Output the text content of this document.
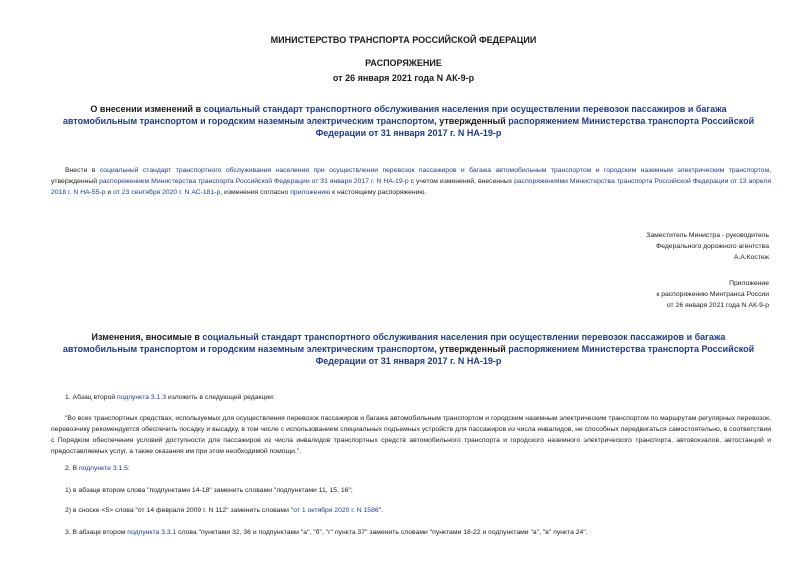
МИНИСТЕРСТВО ТРАНСПОРТА РОССИЙСКОЙ ФЕДЕРАЦИИ
РАСПОРЯЖЕНИЕ
от 26 января 2021 года N АК-9-р
О внесении изменений в социальный стандарт транспортного обслуживания населения при осуществлении перевозок пассажиров и багажа автомобильным транспортом и городским наземным электрическим транспортом, утвержденный распоряжением Министерства транспорта Российской Федерации от 31 января 2017 г. N НА-19-р
Внести в социальный стандарт транспортного обслуживания населения при осуществлении перевозок пассажиров и багажа автомобильным транспортом и городским наземным электрическим транспортом, утвержденный распоряжением Министерства транспорта Российской Федерации от 31 января 2017 г. N НА-19-р с учетом изменений, внесенных распоряжениями Министерства транспорта Российской Федерации от 13 апреля 2018 г. N НА-55-р и от 23 сентября 2020 г. N АС-181-р, изменения согласно приложению к настоящему распоряжению.
Заместитель Министра - руководитель
Федерального дорожного агентства
А.А.Костюк
Приложение
к распоряжению Минтранса России
от 26 января 2021 года N АК-9-р
Изменения, вносимые в социальный стандарт транспортного обслуживания населения при осуществлении перевозок пассажиров и багажа автомобильным транспортом и городским наземным электрическим транспортом, утвержденный распоряжением Министерства транспорта Российской Федерации от 31 января 2017 г. N НА-19-р
1. Абзац второй подпункта 3.1.3 изложить в следующей редакции:
"Во всех транспортных средствах, используемых для осуществления перевозок пассажиров и багажа автомобильным транспортом и городским наземным электрическим транспортом по маршрутам регулярных перевозок, перевозчику рекомендуется обеспечить посадку и высадку, в том числе с использованием специальных подъемных устройств для пассажиров из числа инвалидов, не способных передвигаться самостоятельно, в соответствии с Порядком обеспечения условий доступности для пассажиров из числа инвалидов транспортных средств автомобильного транспорта и городского наземного электрического транспорта, автовокзалов, автостанций и предоставляемых услуг, а также оказания им при этом необходимой помощи.".
2. В подпункте 3.1.5:
1) в абзаце втором слова "подпунктами 14-18" заменить словами "подпунктами 11, 15, 16";
2) в сноске <5> слова "от 14 февраля 2009 г. N 112" заменить словами "от 1 октября 2020 г. N 1586".
3. В абзаце втором подпункта 3.3.1 слова "пунктами 32, 36 и подпунктами "а", "б", "г" пункта 37" заменить словами "пунктами 18-22 и подпунктами "а", "в" пункта 24".
